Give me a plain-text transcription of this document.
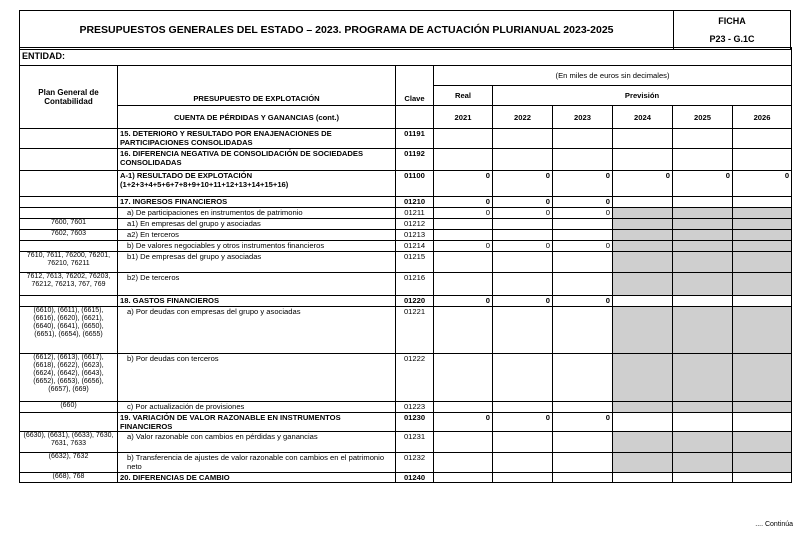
PRESUPUESTOS GENERALES DEL ESTADO – 2023. PROGRAMA DE ACTUACIÓN PLURIANUAL 2023-2025	
FICHA
P23 - G.1C
ENTIDAD:								
Plan General de Contabilidad	PRESUPUESTO DE EXPLOTACIÓN	Clave	(En miles de euros sin decimales)					
			Real	Previsión				
	CUENTA DE PÉRDIDAS Y GANANCIAS (cont.)		2021	2022	2023	2024	2025	2026
	15. DETERIORO Y RESULTADO POR ENAJENACIONES DE PARTICIPACIONES CONSOLIDADAS	01191						
	16. DIFERENCIA NEGATIVA DE CONSOLIDACIÓN DE SOCIEDADES CONSOLIDADAS	01192						
	A-1) RESULTADO DE EXPLOTACIÓN (1+2+3+4+5+6+7+8+9+10+11+12+13+14+15+16)	01100	0	0	0	0	0	0
	17. INGRESOS FINANCIEROS	01210	0	0	0			
	a) De participaciones en instrumentos de patrimonio	01211	0	0	0			
7600, 7601	a1) En empresas del grupo y asociadas	01212						
7602, 7603	a2) En terceros	01213						
	b) De valores negociables y otros instrumentos financieros	01214	0	0	0			
7610, 7611, 76200, 76201, 76210, 76211	b1) De empresas del grupo y asociadas	01215						
7612, 7613, 76202, 76203, 76212, 76213, 767, 769	b2) De terceros	01216						
	18. GASTOS FINANCIEROS	01220	0	0	0			
(6610), (6611), (6615), (6616), (6620), (6621), (6640), (6641), (6650), (6651), (6654), (6655)	a) Por deudas con empresas del grupo y asociadas	01221						
(6612), (6613), (6617), (6618), (6622), (6623), (6624), (6642), (6643), (6652), (6653), (6656), (6657), (669)	b) Por deudas con terceros	01222						
(660)	c) Por actualización de provisiones	01223						
	19. VARIACIÓN DE VALOR RAZONABLE EN INSTRUMENTOS FINANCIEROS	01230	0	0	0			
(6630), (6631), (6633), 7630, 7631, 7633	a) Valor razonable con cambios en pérdidas y ganancias	01231						
(6632), 7632	b) Transferencia de ajustes de valor razonable con cambios en el patrimonio neto	01232						
(668), 768	20. DIFERENCIAS DE CAMBIO	01240						
.... Continúa
